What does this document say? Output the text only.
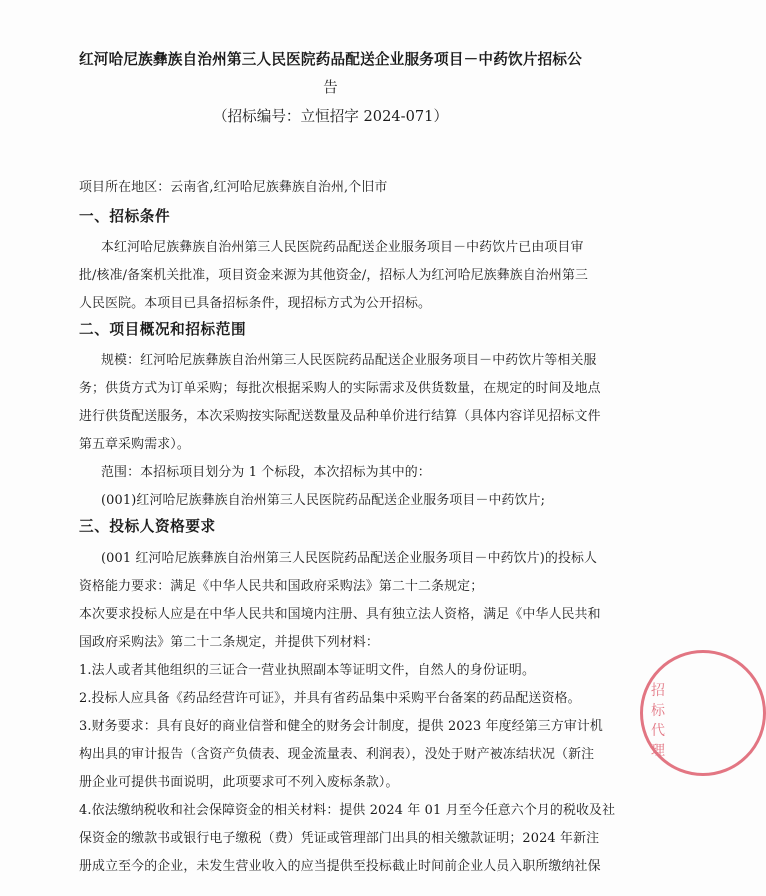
红河哈尼族彝族自治州第三人民医院药品配送企业服务项目－中药饮片招标公
告
（招标编号：立恒招字 2024-071）
项目所在地区：云南省,红河哈尼族彝族自治州,个旧市
一、招标条件
本红河哈尼族彝族自治州第三人民医院药品配送企业服务项目－中药饮片已由项目审
批/核准/备案机关批准，项目资金来源为其他资金/，招标人为红河哈尼族彝族自治州第三
人民医院。本项目已具备招标条件，现招标方式为公开招标。
二、项目概况和招标范围
规模：红河哈尼族彝族自治州第三人民医院药品配送企业服务项目－中药饮片等相关服
务；供货方式为订单采购；每批次根据采购人的实际需求及供货数量，在规定的时间及地点
进行供货配送服务，本次采购按实际配送数量及品种单价进行结算（具体内容详见招标文件
第五章采购需求）。
范围：本招标项目划分为 1 个标段，本次招标为其中的：
(001)红河哈尼族彝族自治州第三人民医院药品配送企业服务项目－中药饮片;
三、投标人资格要求
(001 红河哈尼族彝族自治州第三人民医院药品配送企业服务项目－中药饮片)的投标人
资格能力要求：满足《中华人民共和国政府采购法》第二十二条规定；
本次要求投标人应是在中华人民共和国境内注册、具有独立法人资格，满足《中华人民共和
国政府采购法》第二十二条规定，并提供下列材料：
1.法人或者其他组织的三证合一营业执照副本等证明文件，自然人的身份证明。
2.投标人应具备《药品经营许可证》，并具有省药品集中采购平台备案的药品配送资格。
3.财务要求：具有良好的商业信誉和健全的财务会计制度，提供 2023 年度经第三方审计机
构出具的审计报告（含资产负债表、现金流量表、利润表），没处于财产被冻结状况（新注
册企业可提供书面说明，此项要求可不列入废标条款）。
4.依法缴纳税收和社会保障资金的相关材料：提供 2024 年 01 月至今任意六个月的税收及社
保资金的缴款书或银行电子缴税（费）凭证或管理部门出具的相关缴款证明；2024 年新注
册成立至今的企业，未发生营业收入的应当提供至投标截止时间前企业人员入职所缴纳社保
招标代理
